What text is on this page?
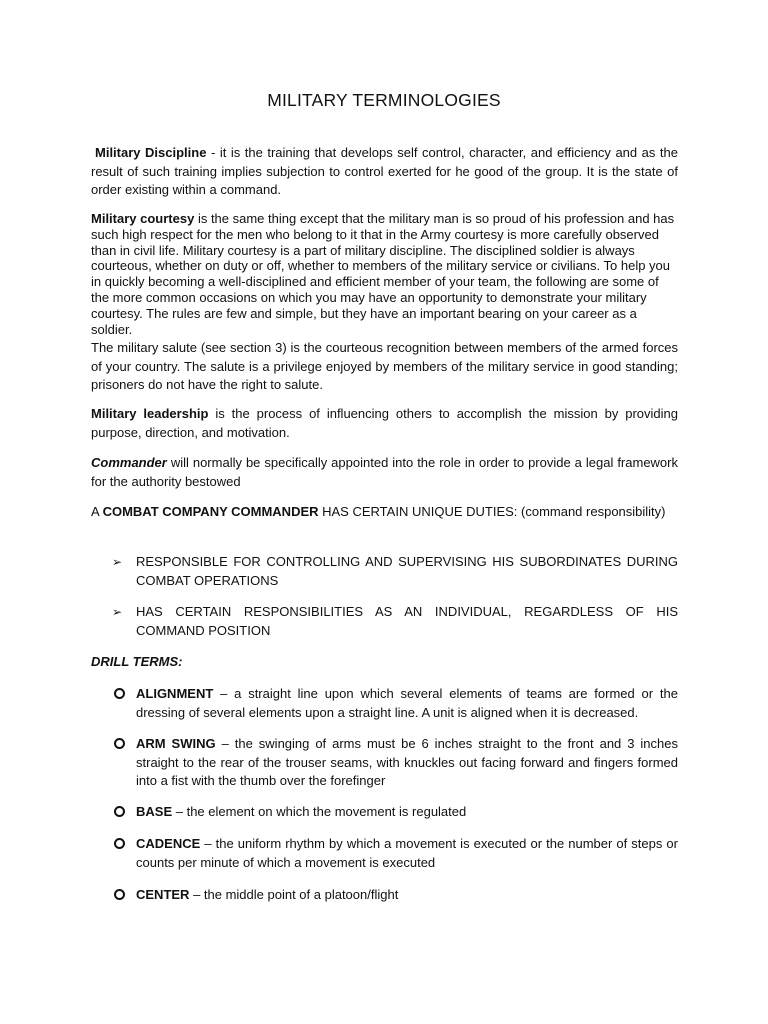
MILITARY TERMINOLOGIES
Military Discipline - it is the training that develops self control, character, and efficiency and as the result of such training implies subjection to control exerted for he good of the group. It is the state of order existing within a command.
Military courtesy is the same thing except that the military man is so proud of his profession and has such high respect for the men who belong to it that in the Army courtesy is more carefully observed than in civil life. Military courtesy is a part of military discipline. The disciplined soldier is always courteous, whether on duty or off, whether to members of the military service or civilians. To help you in quickly becoming a well-disciplined and efficient member of your team, the following are some of the more common occasions on which you may have an opportunity to demonstrate your military courtesy. The rules are few and simple, but they have an important bearing on your career as a soldier.
The military salute (see section 3) is the courteous recognition between members of the armed forces of your country. The salute is a privilege enjoyed by members of the military service in good standing; prisoners do not have the right to salute.
Military leadership is the process of influencing others to accomplish the mission by providing purpose, direction, and motivation.
Commander will normally be specifically appointed into the role in order to provide a legal framework for the authority bestowed
A COMBAT COMPANY COMMANDER HAS CERTAIN UNIQUE DUTIES: (command responsibility)
➢ RESPONSIBLE FOR CONTROLLING AND SUPERVISING HIS SUBORDINATES DURING COMBAT OPERATIONS
➢ HAS CERTAIN RESPONSIBILITIES AS AN INDIVIDUAL, REGARDLESS OF HIS COMMAND POSITION
DRILL TERMS:
ALIGNMENT – a straight line upon which several elements of teams are formed or the dressing of several elements upon a straight line. A unit is aligned when it is decreased.
ARM SWING – the swinging of arms must be 6 inches straight to the front and 3 inches straight to the rear of the trouser seams, with knuckles out facing forward and fingers formed into a fist with the thumb over the forefinger
BASE – the element on which the movement is regulated
CADENCE – the uniform rhythm by which a movement is executed or the number of steps or counts per minute of which a movement is executed
CENTER – the middle point of a platoon/flight
